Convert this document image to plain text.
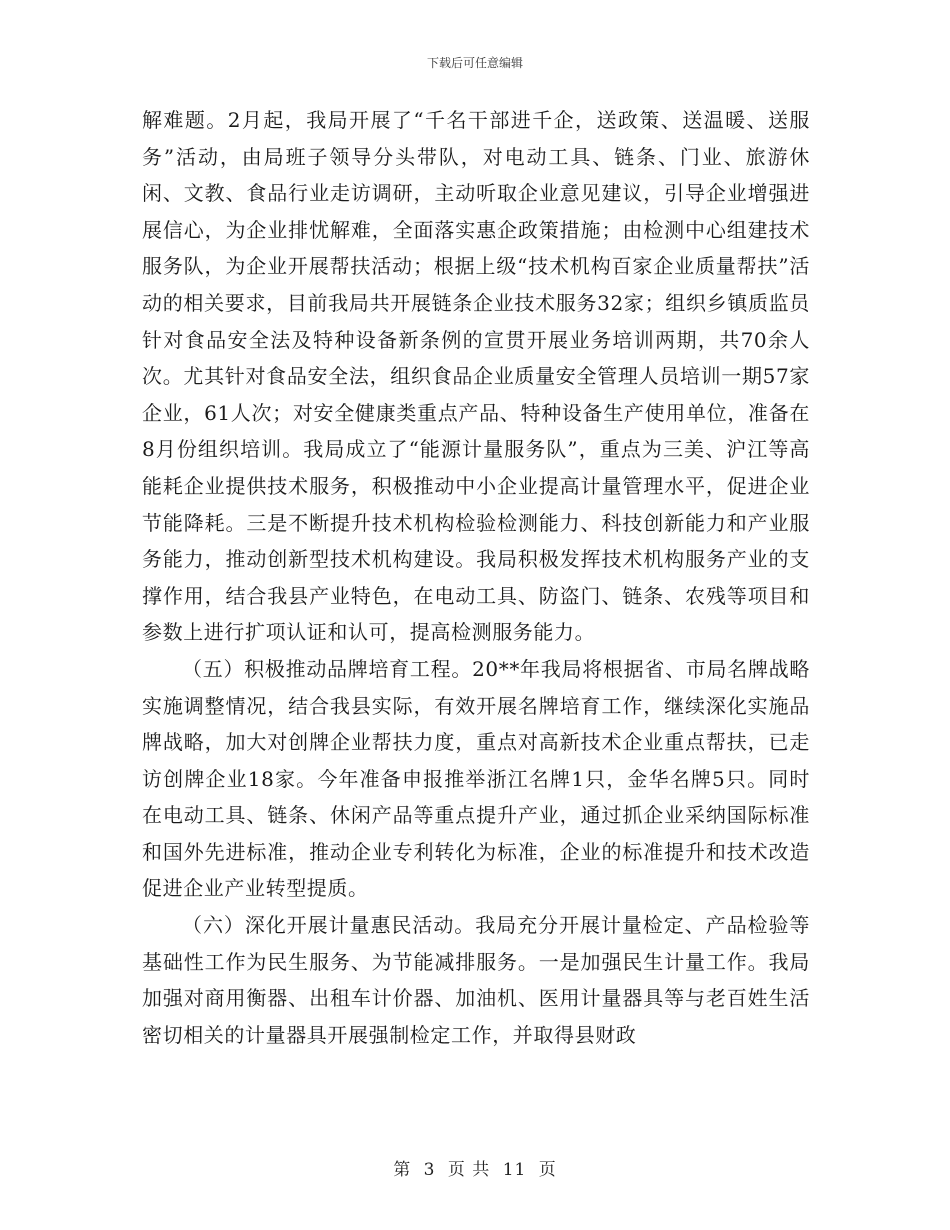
下载后可任意编辑

解难题。2月起，我局开展了“千名干部进千企，送政策、送温暖、送服务”活动，由局班子领导分头带队，对电动工具、链条、门业、旅游休闲、文教、食品行业走访调研，主动听取企业意见建议，引导企业增强进展信心，为企业排忧解难，全面落实惠企政策措施；由检测中心组建技术服务队，为企业开展帮扶活动；根据上级“技术机构百家企业质量帮扶”活动的相关要求，目前我局共开展链条企业技术服务32家；组织乡镇质监员针对食品安全法及特种设备新条例的宣贯开展业务培训两期，共70余人次。尤其针对食品安全法，组织食品企业质量安全管理人员培训一期57家企业，61人次；对安全健康类重点产品、特种设备生产使用单位，准备在8月份组织培训。我局成立了“能源计量服务队”，重点为三美、沪江等高能耗企业提供技术服务，积极推动中小企业提高计量管理水平，促进企业节能降耗。三是不断提升技术机构检验检测能力、科技创新能力和产业服务能力，推动创新型技术机构建设。我局积极发挥技术机构服务产业的支撑作用，结合我县产业特色，在电动工具、防盗门、链条、农残等项目和参数上进行扩项认证和认可，提高检测服务能力。

（五）积极推动品牌培育工程。20**年我局将根据省、市局名牌战略实施调整情况，结合我县实际，有效开展名牌培育工作，继续深化实施品牌战略，加大对创牌企业帮扶力度，重点对高新技术企业重点帮扶，已走访创牌企业18家。今年准备申报推举浙江名牌1只，金华名牌5只。同时在电动工具、链条、休闲产品等重点提升产业，通过抓企业采纳国际标准和国外先进标准，推动企业专利转化为标准，企业的标准提升和技术改造促进企业产业转型提质。

（六）深化开展计量惠民活动。我局充分开展计量检定、产品检验等基础性工作为民生服务、为节能减排服务。一是加强民生计量工作。我局加强对商用衡器、出租车计价器、加油机、医用计量器具等与老百姓生活密切相关的计量器具开展强制检定工作，并取得县财政

第 3 页 共 11 页
